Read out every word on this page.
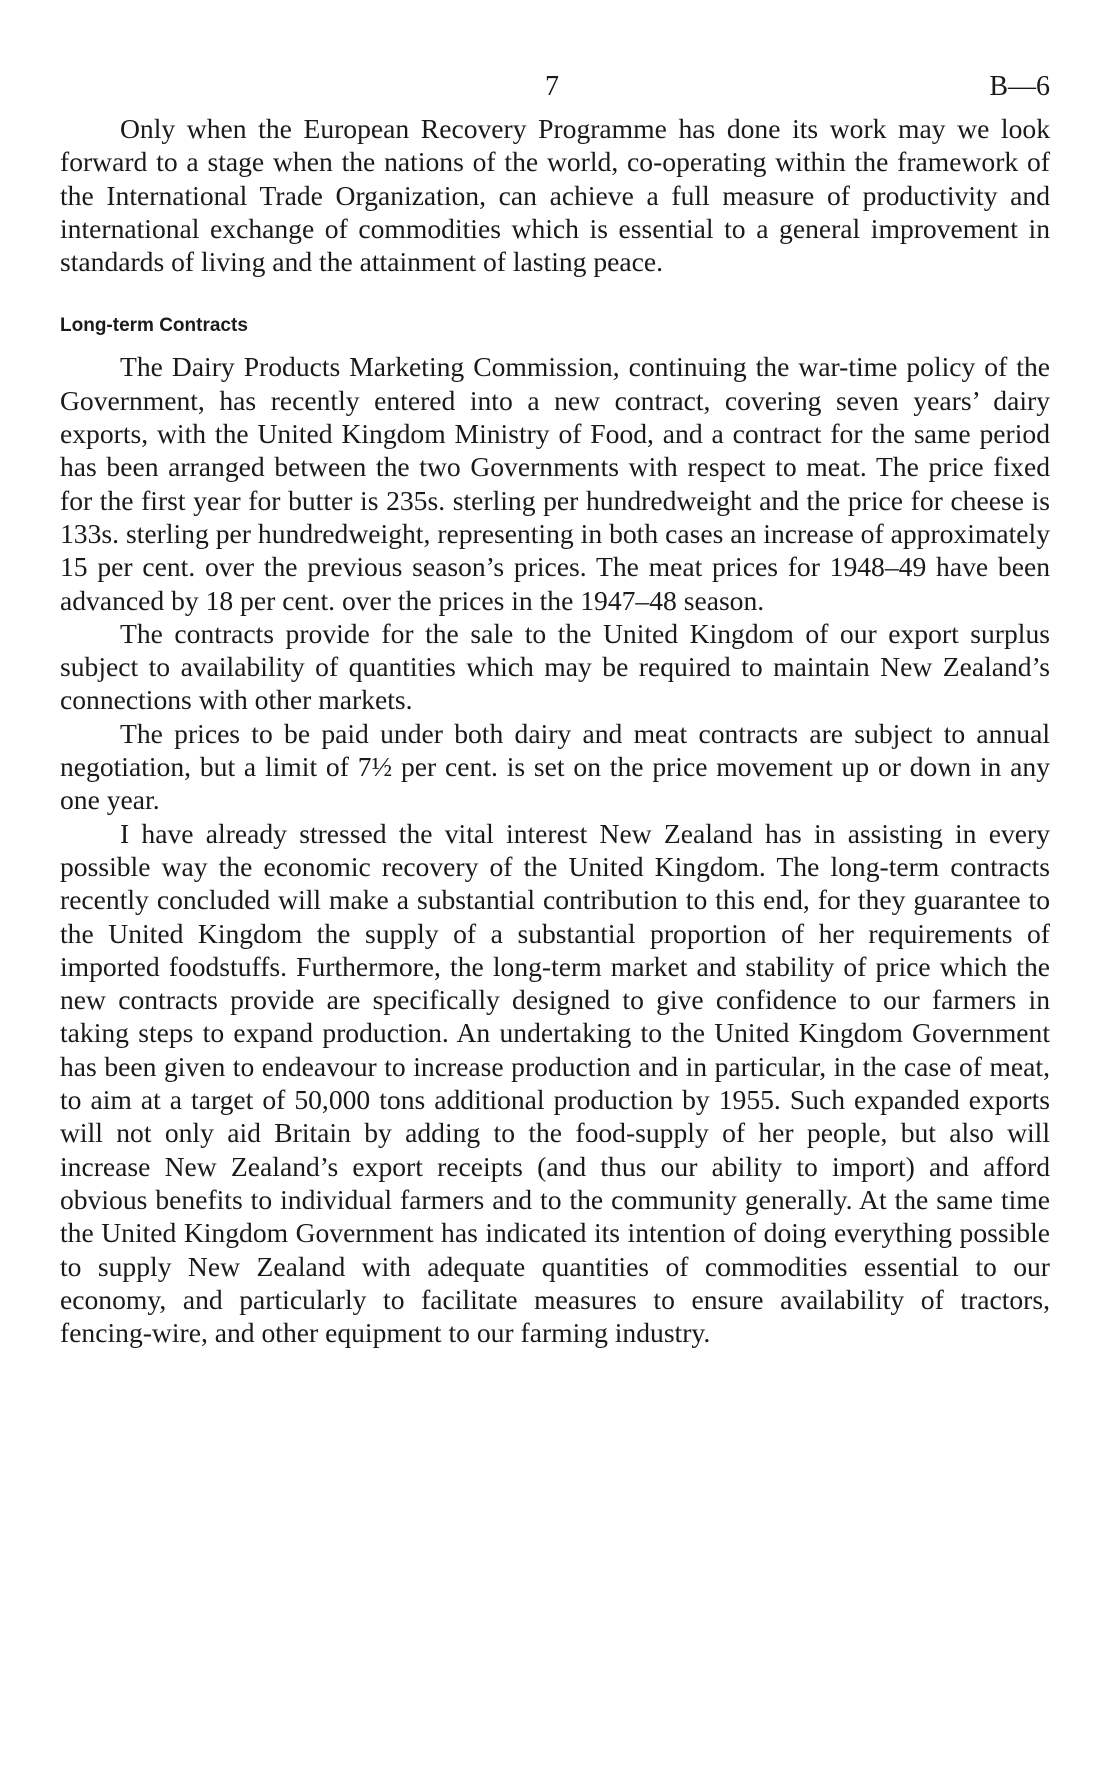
7	B—6

Only when the European Recovery Programme has done its work may we look forward to a stage when the nations of the world, co-operating within the framework of the International Trade Organization, can achieve a full measure of productivity and international exchange of commodities which is essential to a general improvement in standards of living and the attainment of lasting peace.

Long-term Contracts

The Dairy Products Marketing Commission, continuing the war-time policy of the Government, has recently entered into a new contract, covering seven years’ dairy exports, with the United Kingdom Ministry of Food, and a contract for the same period has been arranged between the two Governments with respect to meat. The price fixed for the first year for butter is 235s. sterling per hundredweight and the price for cheese is 133s. sterling per hundredweight, representing in both cases an increase of approximately 15 per cent. over the previous season’s prices. The meat prices for 1948–49 have been advanced by 18 per cent. over the prices in the 1947–48 season.

The contracts provide for the sale to the United Kingdom of our export surplus subject to availability of quantities which may be required to maintain New Zealand’s connections with other markets.

The prices to be paid under both dairy and meat contracts are subject to annual negotiation, but a limit of 7½ per cent. is set on the price movement up or down in any one year.

I have already stressed the vital interest New Zealand has in assisting in every possible way the economic recovery of the United Kingdom. The long-term contracts recently concluded will make a substantial contribution to this end, for they guarantee to the United Kingdom the supply of a substantial proportion of her requirements of imported foodstuffs. Furthermore, the long-term market and stability of price which the new contracts provide are specifically designed to give confidence to our farmers in taking steps to expand production. An undertaking to the United Kingdom Government has been given to endeavour to increase production and in particular, in the case of meat, to aim at a target of 50,000 tons additional production by 1955. Such expanded exports will not only aid Britain by adding to the food-supply of her people, but also will increase New Zealand’s export receipts (and thus our ability to import) and afford obvious benefits to individual farmers and to the community generally. At the same time the United Kingdom Government has indicated its intention of doing everything possible to supply New Zealand with adequate quantities of commodities essential to our economy, and particularly to facilitate measures to ensure availability of tractors, fencing-wire, and other equipment to our farming industry.
